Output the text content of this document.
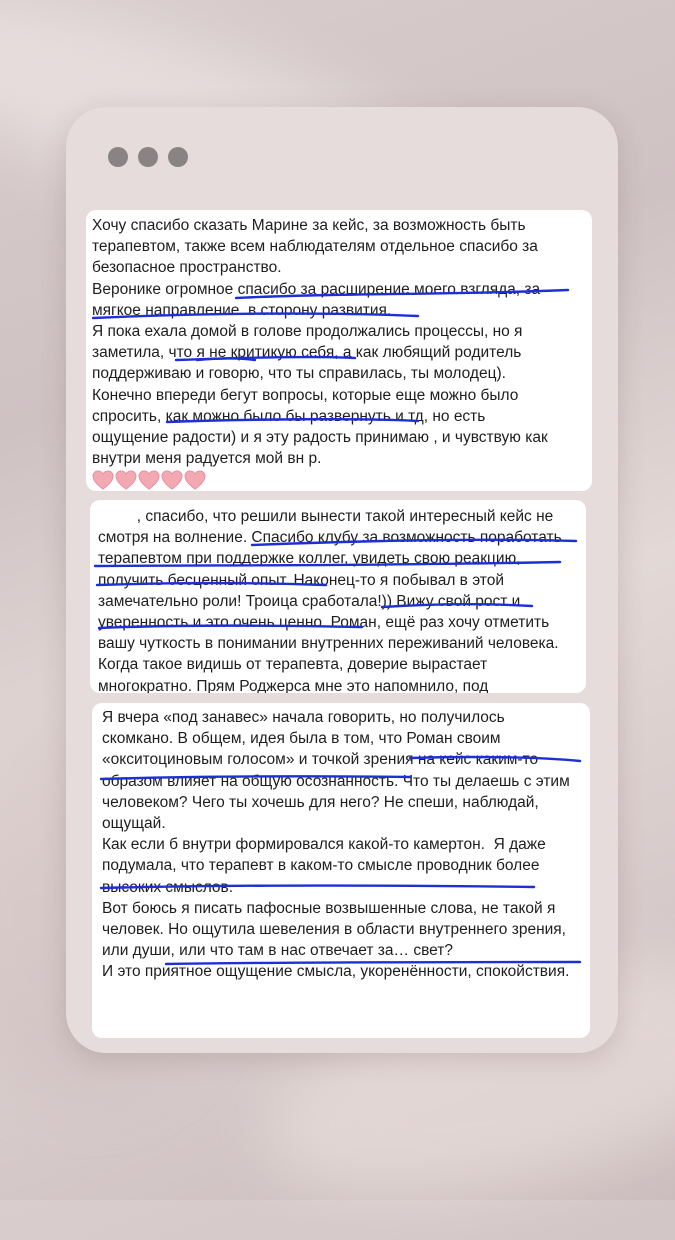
Хочу спасибо сказать Марине за кейс, за возможность быть

терапевтом, также всем наблюдателям отдельное спасибо за

безопасное пространство.

Веронике огромное спасибо за расширение моего взгляда, за

мягкое направление  в сторону развития.

Я пока ехала домой в голове продолжались процессы, но я

заметила, что я не критикую себя, а как любящий родитель

поддерживаю и говорю, что ты справилась, ты молодец).

Конечно впереди бегут вопросы, которые еще можно было

спросить, как можно было бы развернуть и тд, но есть

ощущение радости) и я эту радость принимаю , и чувствую как

внутри меня радуется мой вн р.

, спасибо, что решили вынести такой интересный кейс не

смотря на волнение. Спасибо клубу за возможность поработать

терапевтом при поддержке коллег, увидеть свою реакцию,

получить бесценный опыт. Наконец-то я побывал в этой

замечательно роли! Троица сработала!)) Вижу свой рост и

уверенность и это очень ценно. Роман, ещё раз хочу отметить

вашу чуткость в понимании внутренних переживаний человека.

Когда такое видишь от терапевта, доверие вырастает

многократно. Прям Роджерса мне это напомнило, под

Я вчера «под занавес» начала говорить, но получилось

скомкано. В общем, идея была в том, что Роман своим

«окситоциновым голосом» и точкой зрения на кейс каким-то

образом влияет на общую осознанность. Что ты делаешь с этим

человеком? Чего ты хочешь для него? Не спеши, наблюдай,

ощущай.

Как если б внутри формировался какой-то камертон.  Я даже

подумала, что терапевт в каком-то смысле проводник более

высоких смыслов.

Вот боюсь я писать пафосные возвышенные слова, не такой я

человек. Но ощутила шевеления в области внутреннего зрения,

или души, или что там в нас отвечает за… свет?

И это приятное ощущение смысла, укоренённости, спокойствия.
